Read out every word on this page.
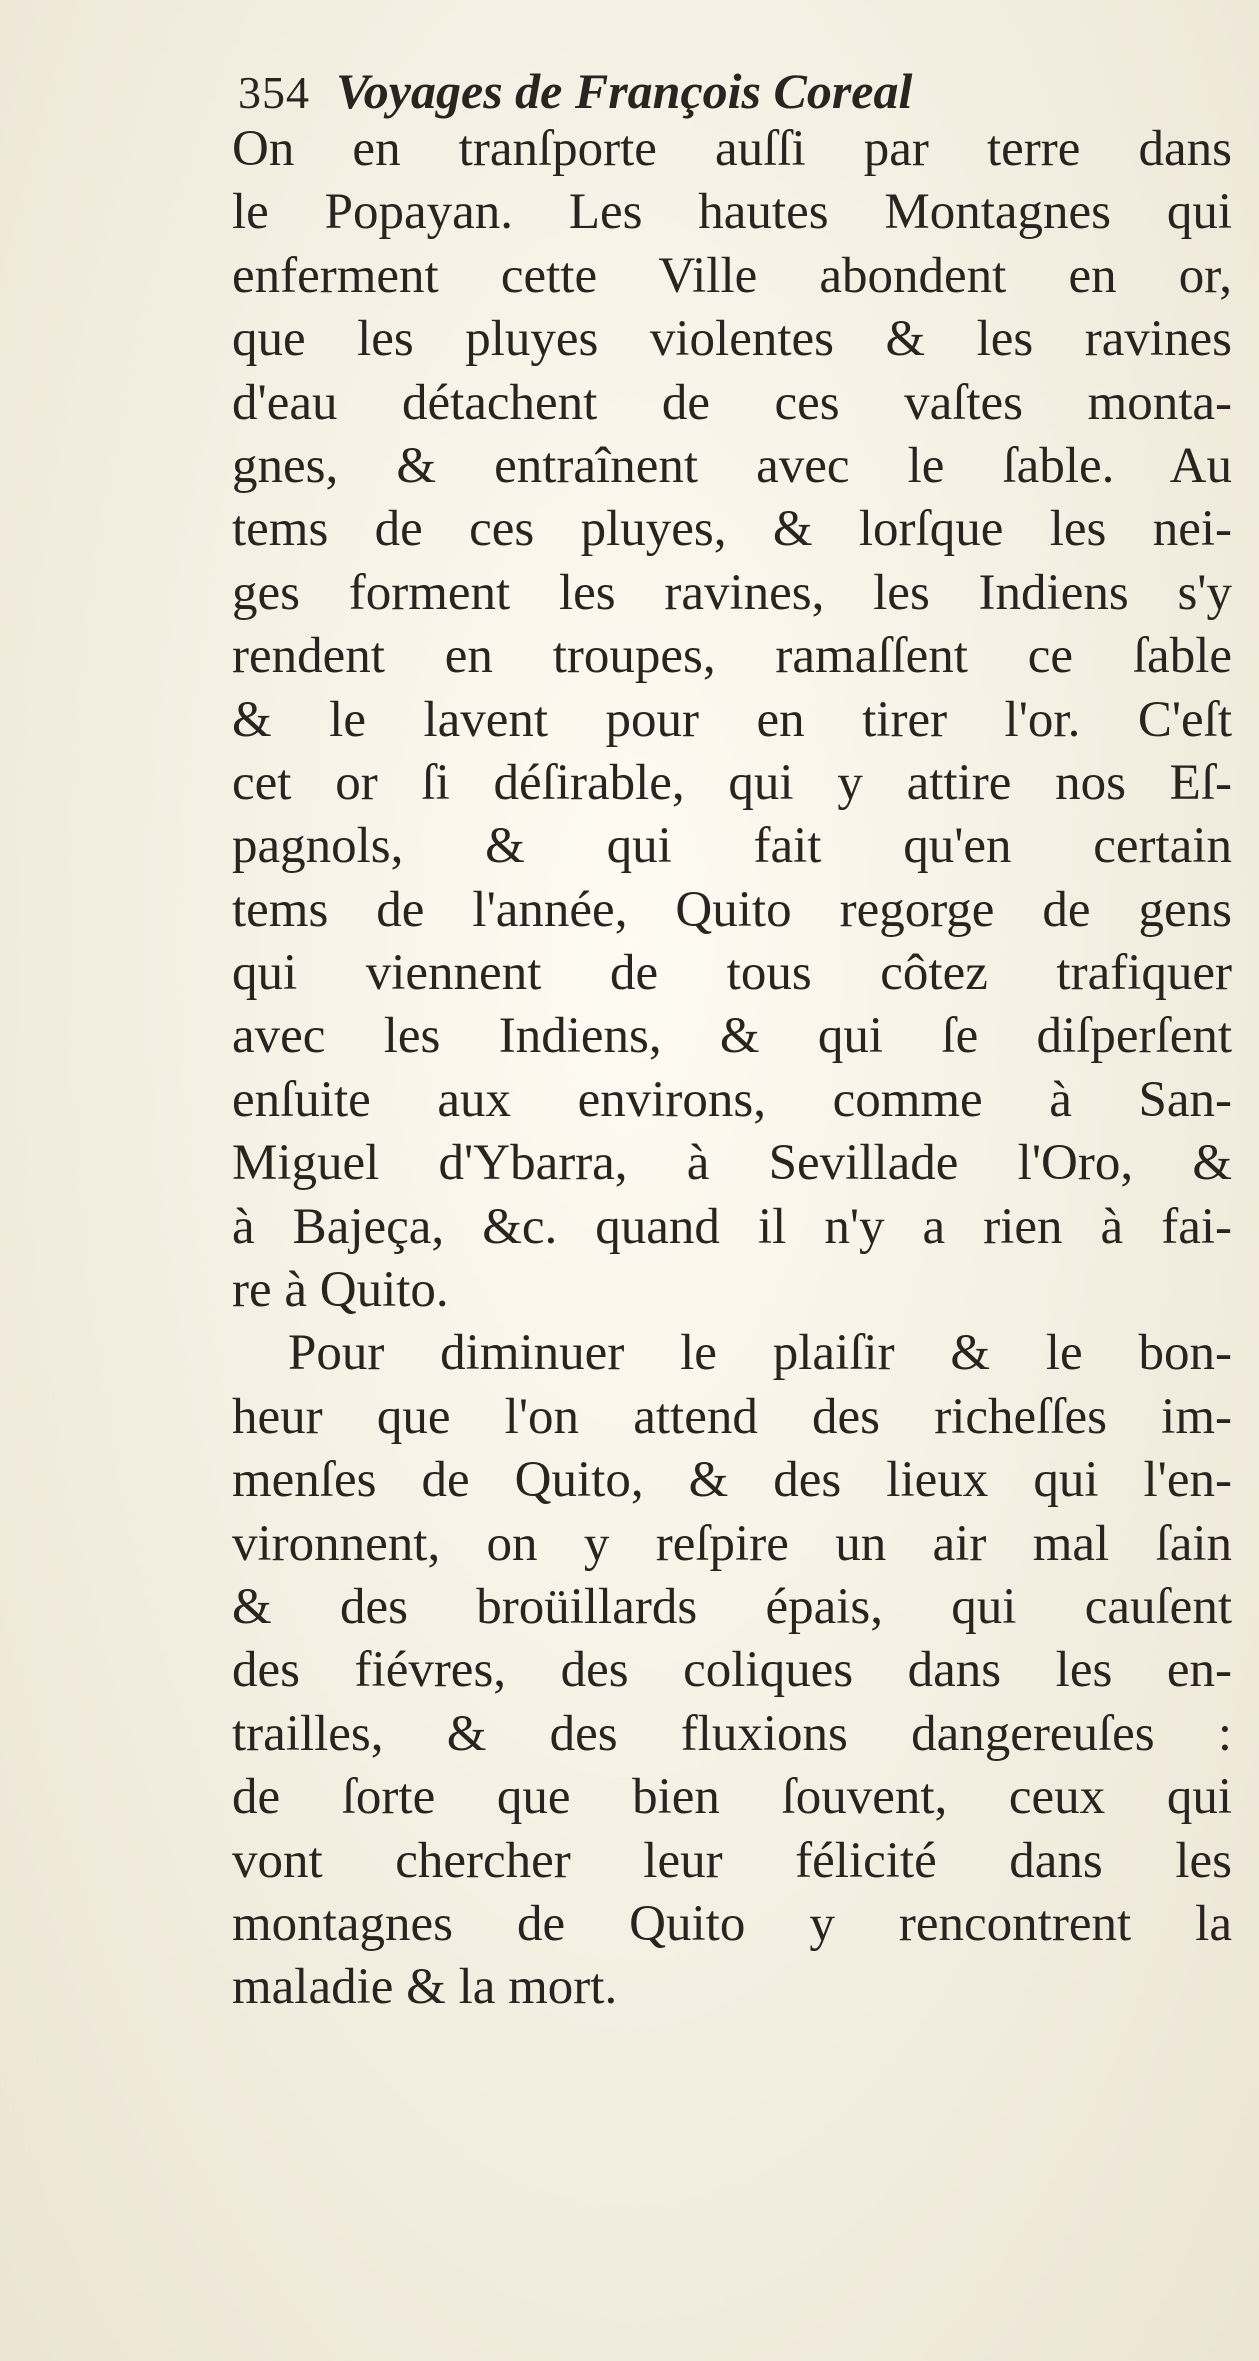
354 Voyages de François Coreal
On en tranſporte auſſi par terre dans
le Popayan. Les hautes Montagnes qui
enferment cette Ville abondent en or,
que les pluyes violentes & les ravines
d'eau détachent de ces vaſtes monta-
gnes, & entraînent avec le ſable. Au
tems de ces pluyes, & lorſque les nei-
ges forment les ravines, les Indiens s'y
rendent en troupes, ramaſſent ce ſable
& le lavent pour en tirer l'or. C'eſt
cet or ſi déſirable, qui y attire nos Eſ-
pagnols, & qui fait qu'en certain
tems de l'année, Quito regorge de gens
qui viennent de tous côtez trafiquer
avec les Indiens, & qui ſe diſperſent
enſuite aux environs, comme à San-
Miguel d'Ybarra, à Sevillade l'Oro, &
à Bajeça, &c. quand il n'y a rien à fai-
re à Quito.
Pour diminuer le plaiſir & le bon-
heur que l'on attend des richeſſes im-
menſes de Quito, & des lieux qui l'en-
vironnent, on y reſpire un air mal ſain
& des broüillards épais, qui cauſent
des fiévres, des coliques dans les en-
trailles, & des fluxions dangereuſes :
de ſorte que bien ſouvent, ceux qui
vont chercher leur félicité dans les
montagnes de Quito y rencontrent la
maladie & la mort.
